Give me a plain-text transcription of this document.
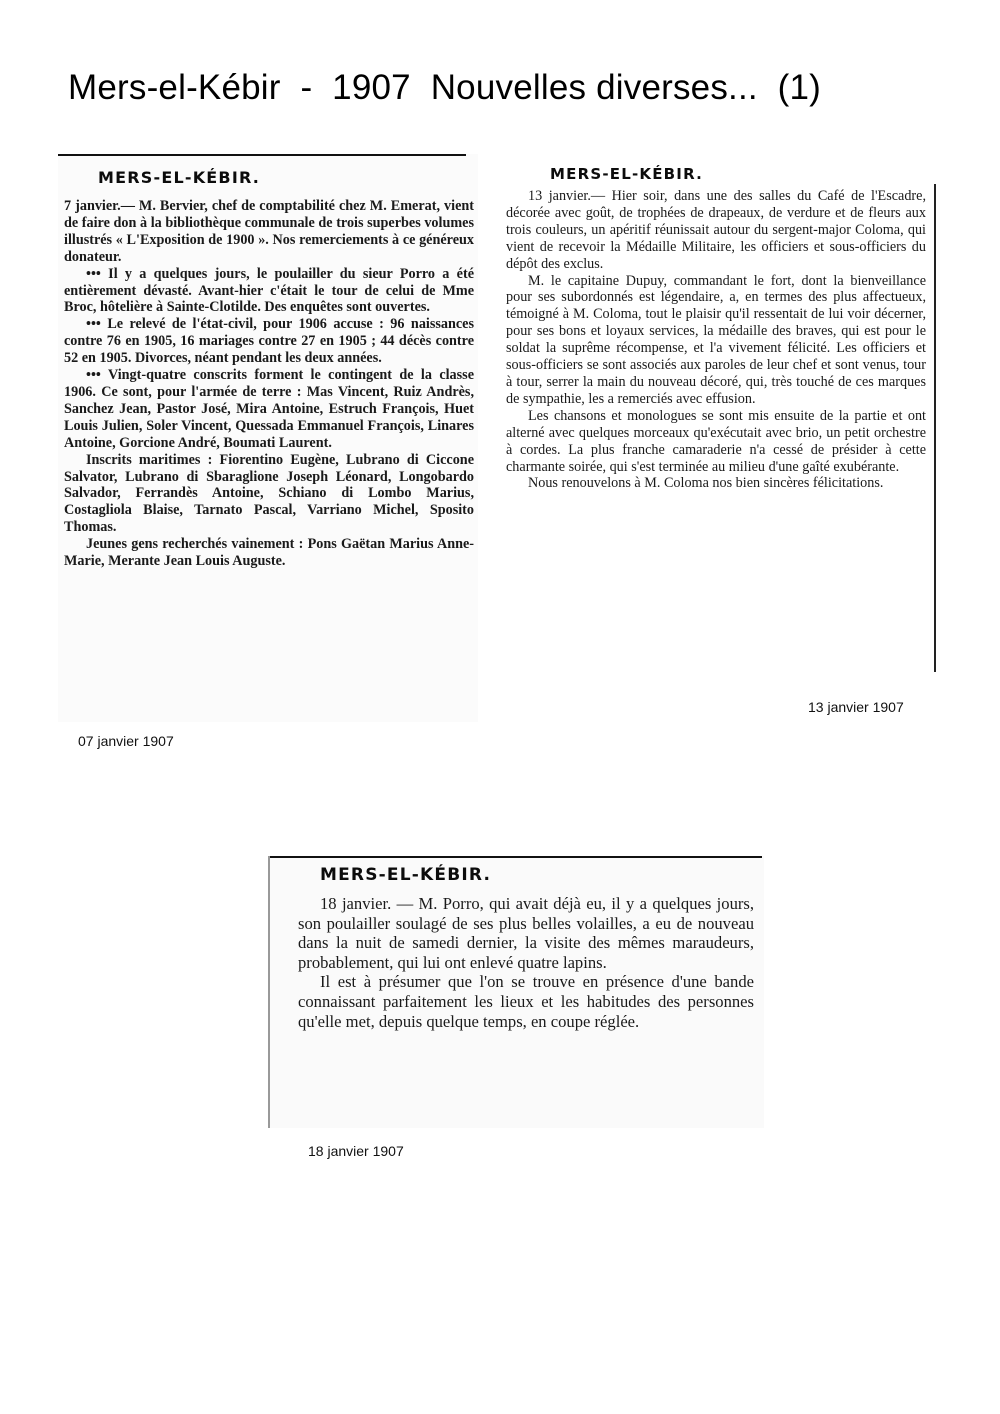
Mers-el-Kébir  -  1907  Nouvelles diverses...  (1)
MERS-EL-KÉBIR.

7 janvier.— M. Bervier, chef de comptabilité chez M. Emerat, vient de faire don à la bibliothèque communale de trois superbes volumes illustrés « L'Exposition de 1900 ». Nos remerciements à ce généreux donateur.

••• Il y a quelques jours, le poulailler du sieur Porro a été entièrement dévasté. Avant-hier c'était le tour de celui de Mme Broc, hôtelière à Sainte-Clotilde. Des enquêtes sont ouvertes.

••• Le relevé de l'état-civil, pour 1906 accuse : 96 naissances contre 76 en 1905, 16 mariages contre 27 en 1905 ; 44 décès contre 52 en 1905. Divorces, néant pendant les deux années.

••• Vingt-quatre conscrits forment le contingent de la classe 1906. Ce sont, pour l'armée de terre : Mas Vincent, Ruiz Andrès, Sanchez Jean, Pastor José, Mira Antoine, Estruch François, Huet Louis Julien, Soler Vincent, Quessada Emmanuel François, Linares Antoine, Gorcione André, Boumati Laurent.

Inscrits maritimes : Fiorentino Eugène, Lubrano di Ciccone Salvator, Lubrano di Sbaraglione Joseph Léonard, Longobardo Salvador, Ferrandès Antoine, Schiano di Lombo Marius, Costagliola Blaise, Tarnato Pascal, Varriano Michel, Sposito Thomas.

Jeunes gens recherchés vainement : Pons Gaëtan Marius Anne-Marie, Merante Jean Louis Auguste.

07 janvier 1907
MERS-EL-KÉBIR.

13 janvier.— Hier soir, dans une des salles du Café de l'Escadre, décorée avec goût, de trophées de drapeaux, de verdure et de fleurs aux trois couleurs, un apéritif réunissait autour du sergent-major Coloma, qui vient de recevoir la Médaille Militaire, les officiers et sous-officiers du dépôt des exclus.

M. le capitaine Dupuy, commandant le fort, dont la bienveillance pour ses subordonnés est légendaire, a, en termes des plus affectueux, témoigné à M. Coloma, tout le plaisir qu'il ressentait de lui voir décerner, pour ses bons et loyaux services, la médaille des braves, qui est pour le soldat la suprême récompense, et l'a vivement félicité. Les officiers et sous-officiers se sont associés aux paroles de leur chef et sont venus, tour à tour, serrer la main du nouveau décoré, qui, très touché de ces marques de sympathie, les a remerciés avec effusion.

Les chansons et monologues se sont mis ensuite de la partie et ont alterné avec quelques morceaux qu'exécutait avec brio, un petit orchestre à cordes. La plus franche camaraderie n'a cessé de présider à cette charmante soirée, qui s'est terminée au milieu d'une gaîté exubérante.

Nous renouvelons à M. Coloma nos bien sincères félicitations.

13 janvier 1907
MERS-EL-KÉBIR.

18 janvier. — M. Porro, qui avait déjà eu, il y a quelques jours, son poulailler soulagé de ses plus belles volailles, a eu de nouveau dans la nuit de samedi dernier, la visite des mêmes maraudeurs, probablement, qui lui ont enlevé quatre lapins.

Il est à présumer que l'on se trouve en présence d'une bande connaissant parfaitement les lieux et les habitudes des personnes qu'elle met, depuis quelque temps, en coupe réglée.

18 janvier 1907
